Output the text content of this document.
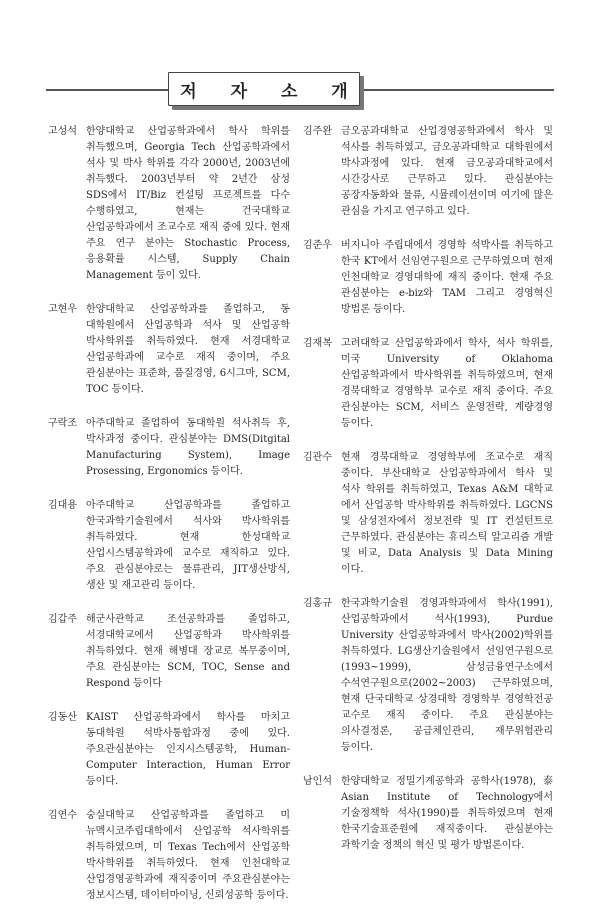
저 자 소 개
고성석 한양대학교 산업공학과에서 학사 학위를 취득했으며, Georgia Tech 산업공학과에서 석사 및 박사 학위를 각각 2000년, 2003년에 취득했다. 2003년부터 약 2년간 삼성 SDS에서 IT/Biz 컨설팅 프로젝트를 다수 수행하였고, 현재는 건국대학교 산업공학과에서 조교수로 재직 중에 있다. 현재 주요 연구 분야는 Stochastic Process, 응용확률 시스템, Supply Chain Management 등이 있다.
고현우 한양대학교 산업공학과를 졸업하고, 동 대학원에서 산업공학과 석사 및 산업공학 박사학위를 취득하였다. 현재 서경대학교 산업공학과에 교수로 재직 중이며, 주요 관심분야는 표준화, 품질경영, 6시그마, SCM, TOC 등이다.
구락조 아주대학교 졸업하여 동대학원 석사취득 후, 박사과정 중이다. 관심분야는 DMS(Ditgital Manufacturing System), Image Prosessing, Ergonomics 등이다.
김대용 아주대학교 산업공학과를 졸업하고 한국과학기술원에서 석사와 박사학위를 취득하였다. 현재 한성대학교 산업시스템공학과에 교수로 재직하고 있다. 주요 관심분야로는 물류관리, JIT생산방식, 생산 및 재고관리 등이다.
김갑주 해군사관학교 조선공학과를 졸업하고, 서경대학교에서 산업공학과 박사학위를 취득하였다. 현재 해병대 장교로 복무중이며, 주요 관심분야는 SCM, TOC, Sense and Respond 등이다
김동산 KAIST 산업공학과에서 학사를 마치고 동대학원 석박사통합과정 중에 있다. 주요관심분야는 인지시스템공학, Human-Computer Interaction, Human Error 등이다.
김연수 숭실대학교 산업공학과를 졸업하고 미 뉴멕시코주립대학에서 산업공학 석사학위를 취득하였으며, 미 Texas Tech에서 산업공학 박사학위를 취득하였다. 현재 인천대학교 산업경영공학과에 재직중이며 주요관심분야는 정보시스템, 데이터마이닝, 신뢰성공학 등이다.
김주완 금오공과대학교 산업경영공학과에서 학사 및 석사를 취득하였고, 금오공과대학교 대학원에서 박사과정에 있다. 현재 금오공과대학교에서 시간강사로 근무하고 있다. 관심분야는 공장자동화와 물류, 시뮬레이션이며 여기에 많은 관심을 가지고 연구하고 있다.
김준우 버지니아 주립대에서 경영학 석박사를 취득하고 한국 KT에서 선임연구원으로 근무하였으며 현재 인천대학교 경영대학에 재직 중이다. 현재 주요 관심분야는 e-biz와 TAM 그리고 경영혁신 방법론 등이다.
김재복 고려대학교 산업공학과에서 학사, 석사 학위를, 미국 University of Oklahoma 산업공학과에서 박사학위를 취득하였으며, 현재 경북대학교 경영학부 교수로 재직 중이다. 주요 관심분야는 SCM, 서비스 운영전략, 계량경영 등이다.
김관수 현재 경북대학교 경영학부에 조교수로 재직 중이다. 부산대학교 산업공학과에서 학사 및 석사 학위를 취득하였고, Texas A&M 대학교 에서 산업공학 박사학위를 취득하였다. LGCNS 및 삼성전자에서 정보전략 및 IT 컨설턴트로 근무하였다. 관심분야는 휴리스틱 알고리즘 개발 및 비교, Data Analysis 및 Data Mining 이다.
김홍규 한국과학기술원 경영과학과에서 학사(1991), 산업공학과에서 석사(1993), Purdue University 산업공학과에서 박사(2002)학위를 취득하였다. LG생산기술원에서 선임연구원으로(1993~1999), 삼성금융연구소에서 수석연구원으로(2002~2003) 근무하였으며, 현재 단국대학교 상경대학 경영학부 경영학전공 교수로 재직 중이다. 주요 관심분야는 의사결정론, 공급체인관리, 재무위험관리 등이다.
남인석 한양대학교 정밀기계공학과 공학사(1978), 泰 Asian Institute of Technology에서 기술정책학 석사(1990)를 취득하였으며 현재 한국기술표준원에 재직중이다. 관심분야는 과학기술 정책의 혁신 및 평가 방법론이다.
